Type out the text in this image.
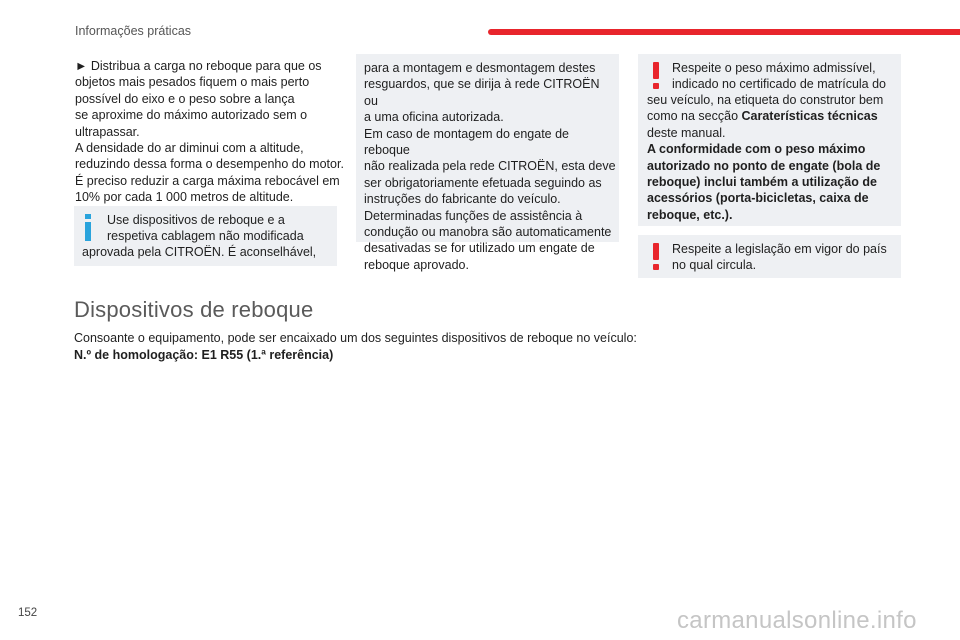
Informações práticas

► Distribua a carga no reboque para que os

objetos mais pesados fiquem o mais perto

possível do eixo e o peso sobre a lança

se aproxime do máximo autorizado sem o

ultrapassar.

A densidade do ar diminui com a altitude,

reduzindo dessa forma o desempenho do motor.

É preciso reduzir a carga máxima rebocável em

10% por cada 1 000 metros de altitude.

Use dispositivos de reboque e a

respetiva cablagem não modificada

aprovada pela CITROËN. É aconselhável,

para a montagem e desmontagem destes

resguardos, que se dirija à rede CITROËN ou

a uma oficina autorizada.

Em caso de montagem do engate de reboque

não realizada pela rede CITROËN, esta deve

ser obrigatoriamente efetuada seguindo as

instruções do fabricante do veículo.

Determinadas funções de assistência à

condução ou manobra são automaticamente

desativadas se for utilizado um engate de

reboque aprovado.

Respeite o peso máximo admissível,

indicado no certificado de matrícula do

seu veículo, na etiqueta do construtor bem

como na secção Caraterísticas técnicas

deste manual.

A conformidade com o peso máximo

autorizado no ponto de engate (bola de

reboque) inclui também a utilização de

acessórios (porta-bicicletas, caixa de

reboque, etc.).

Respeite a legislação em vigor do país

no qual circula.

Dispositivos de reboque

Consoante o equipamento, pode ser encaixado um dos seguintes dispositivos de reboque no veículo:

N.º de homologação: E1 R55 (1.ª referência)

152	carmanualsonline.info
